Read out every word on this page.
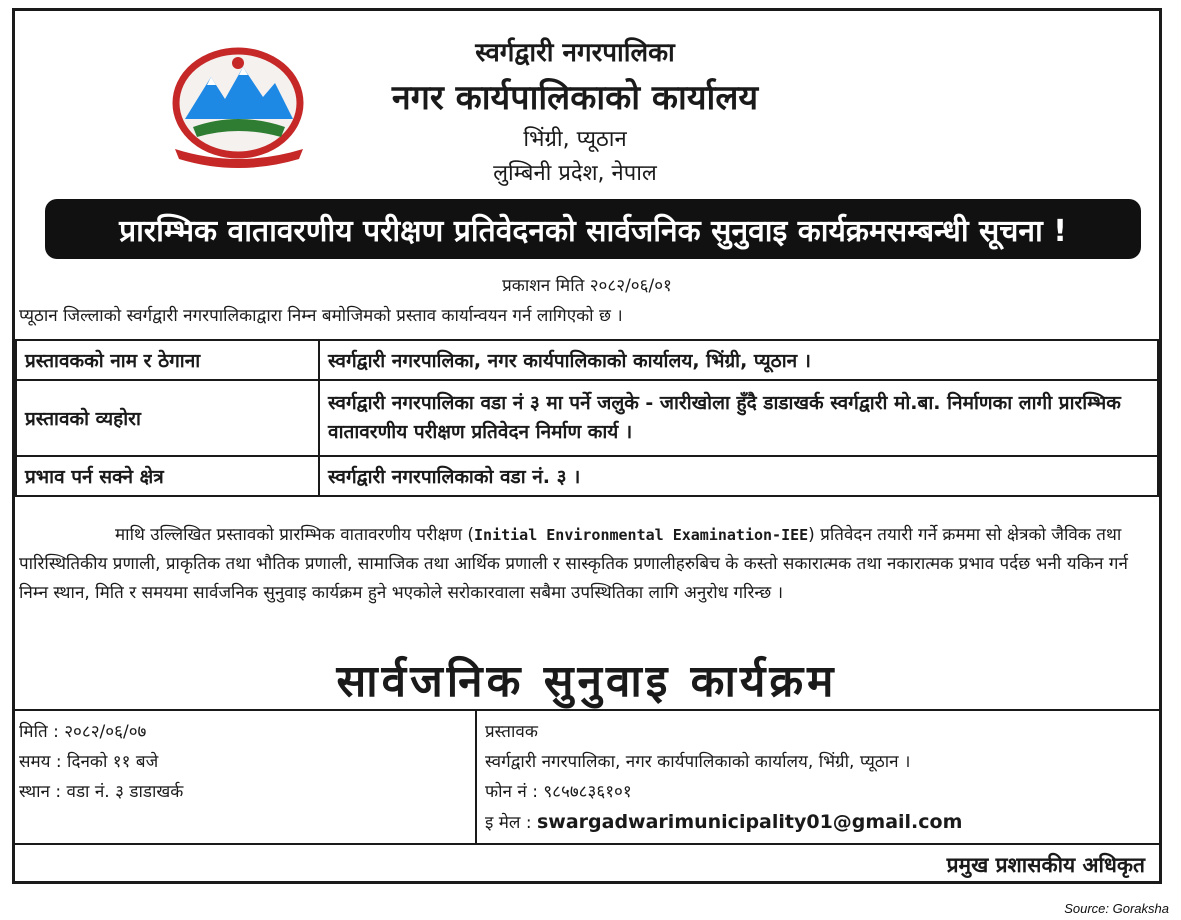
स्वर्गद्वारी नगरपालिका
नगर कार्यपालिकाको कार्यालय
भिंग्री, प्यूठान
लुम्बिनी प्रदेश, नेपाल
प्रारम्भिक वातावरणीय परीक्षण प्रतिवेदनको सार्वजनिक सुनुवाइ कार्यक्रमसम्बन्धी सूचना !
प्रकाशन मिति २०८२/०६/०१
प्यूठान जिल्लाको स्वर्गद्वारी नगरपालिकाद्वारा निम्न बमोजिमको प्रस्ताव कार्यान्वयन गर्न लागिएको छ ।
प्रस्तावकको नाम र ठेगाना	स्वर्गद्वारी नगरपालिका, नगर कार्यपालिकाको कार्यालय, भिंग्री, प्यूठान ।
प्रस्तावको व्यहोरा	स्वर्गद्वारी नगरपालिका वडा नं ३ मा पर्ने जलुके - जारीखोला हुँदै डाडाखर्क स्वर्गद्वारी मो.बा. निर्माणका लागी प्रारम्भिक वातावरणीय परीक्षण प्रतिवेदन निर्माण कार्य ।
प्रभाव पर्न सक्ने क्षेत्र	स्वर्गद्वारी नगरपालिकाको वडा नं. ३ ।
माथि उल्लिखित प्रस्तावको प्रारम्भिक वातावरणीय परीक्षण (Initial Environmental Examination-IEE) प्रतिवेदन तयारी गर्ने क्रममा सो क्षेत्रको जैविक तथा पारिस्थितिकीय प्रणाली, प्राकृतिक तथा भौतिक प्रणाली, सामाजिक तथा आर्थिक प्रणाली र सास्कृतिक प्रणालीहरुबिच के कस्तो सकारात्मक तथा नकारात्मक प्रभाव पर्दछ भनी यकिन गर्न निम्न स्थान, मिति र समयमा सार्वजनिक सुनुवाइ कार्यक्रम हुने भएकोले सरोकारवाला सबैमा उपस्थितिका लागि अनुरोध गरिन्छ ।
सार्वजनिक सुनुवाइ कार्यक्रम
मिति : २०८२/०६/०७
समय : दिनको ११ बजे
स्थान : वडा नं. ३ डाडाखर्क
प्रस्तावक
स्वर्गद्वारी नगरपालिका, नगर कार्यपालिकाको कार्यालय, भिंग्री, प्यूठान ।
फोन नं : ९८५७८३६१०१
इ मेल : swargadwarimunicipality01@gmail.com
प्रमुख प्रशासकीय अधिकृत
Source: Goraksha
